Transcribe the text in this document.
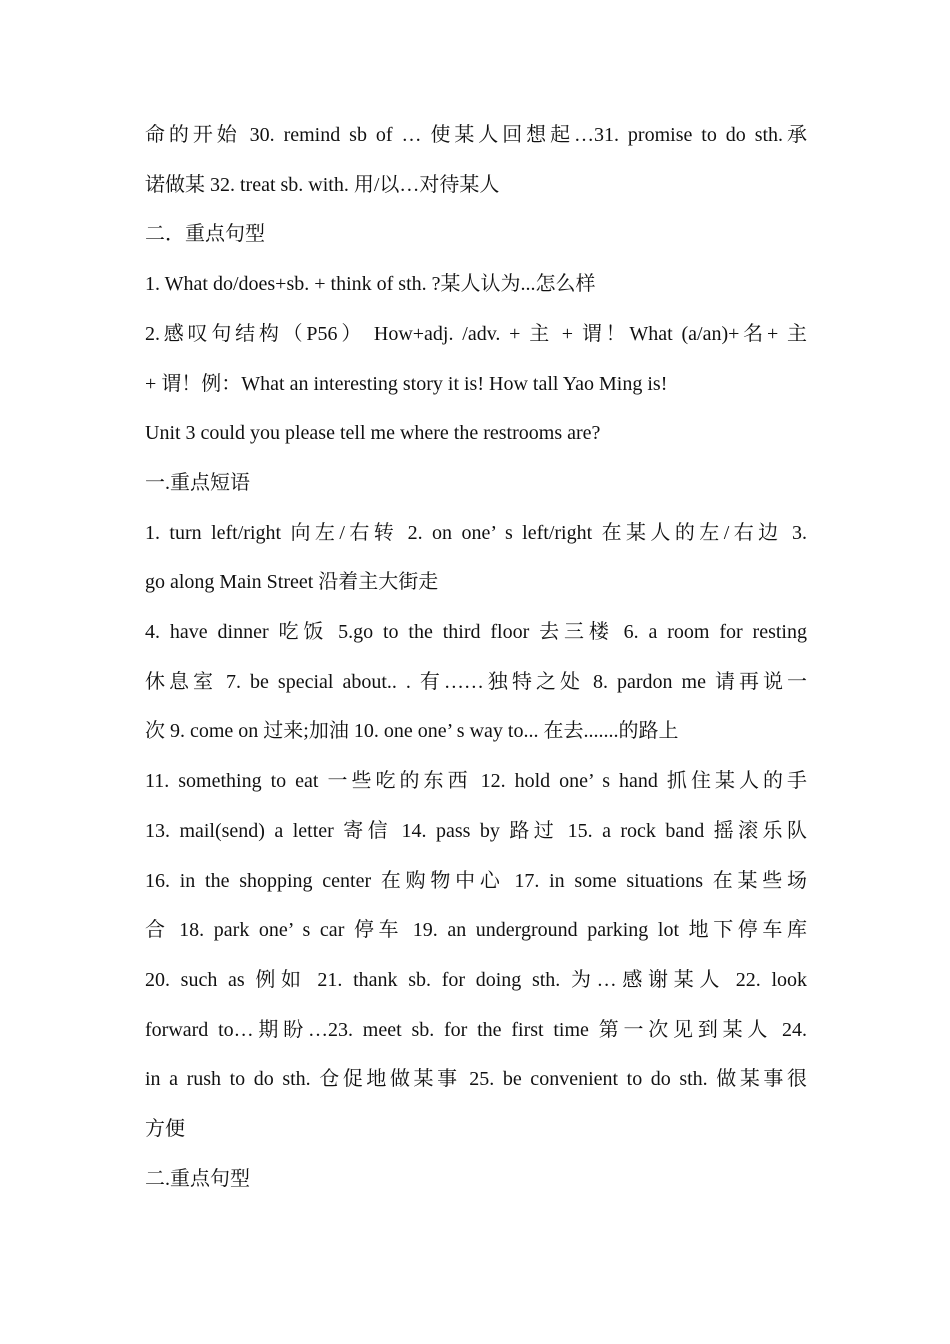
命的开始 30. remind sb of … 使某人回想起…31. promise to do sth.承

诺做某 32. treat sb. with. 用/以…对待某人

二．重点句型

1. What do/does+sb. + think of sth. ?某人认为...怎么样

2.感叹句结构（P56） How+adj. /adv. + 主 + 谓！What (a/an)+名+ 主

+ 谓！例：What an interesting story it is! How tall Yao Ming is!

Unit 3 could you please tell me where the restrooms are?

一.重点短语

1. turn left/right 向左/右转 2. on one’ s left/right 在某人的左/右边 3.

go along Main Street 沿着主大街走

4. have dinner 吃饭 5.go to the third floor 去三楼 6. a room for resting

休息室 7. be special about.. . 有……独特之处 8. pardon me 请再说一

次 9. come on 过来;加油 10. one one’ s way to... 在去.......的路上

11. something to eat 一些吃的东西 12. hold one’ s hand 抓住某人的手

13. mail(send) a letter 寄信 14. pass by 路过 15. a rock band 摇滚乐队

16. in the shopping center 在购物中心 17. in some situations 在某些场

合 18. park one’ s car 停车 19. an underground parking lot 地下停车库

20. such as 例如 21. thank sb. for doing sth. 为…感谢某人 22. look

forward to…期盼…23. meet sb. for the first time 第一次见到某人 24.

in a rush to do sth. 仓促地做某事 25. be convenient to do sth. 做某事很

方便

二.重点句型
